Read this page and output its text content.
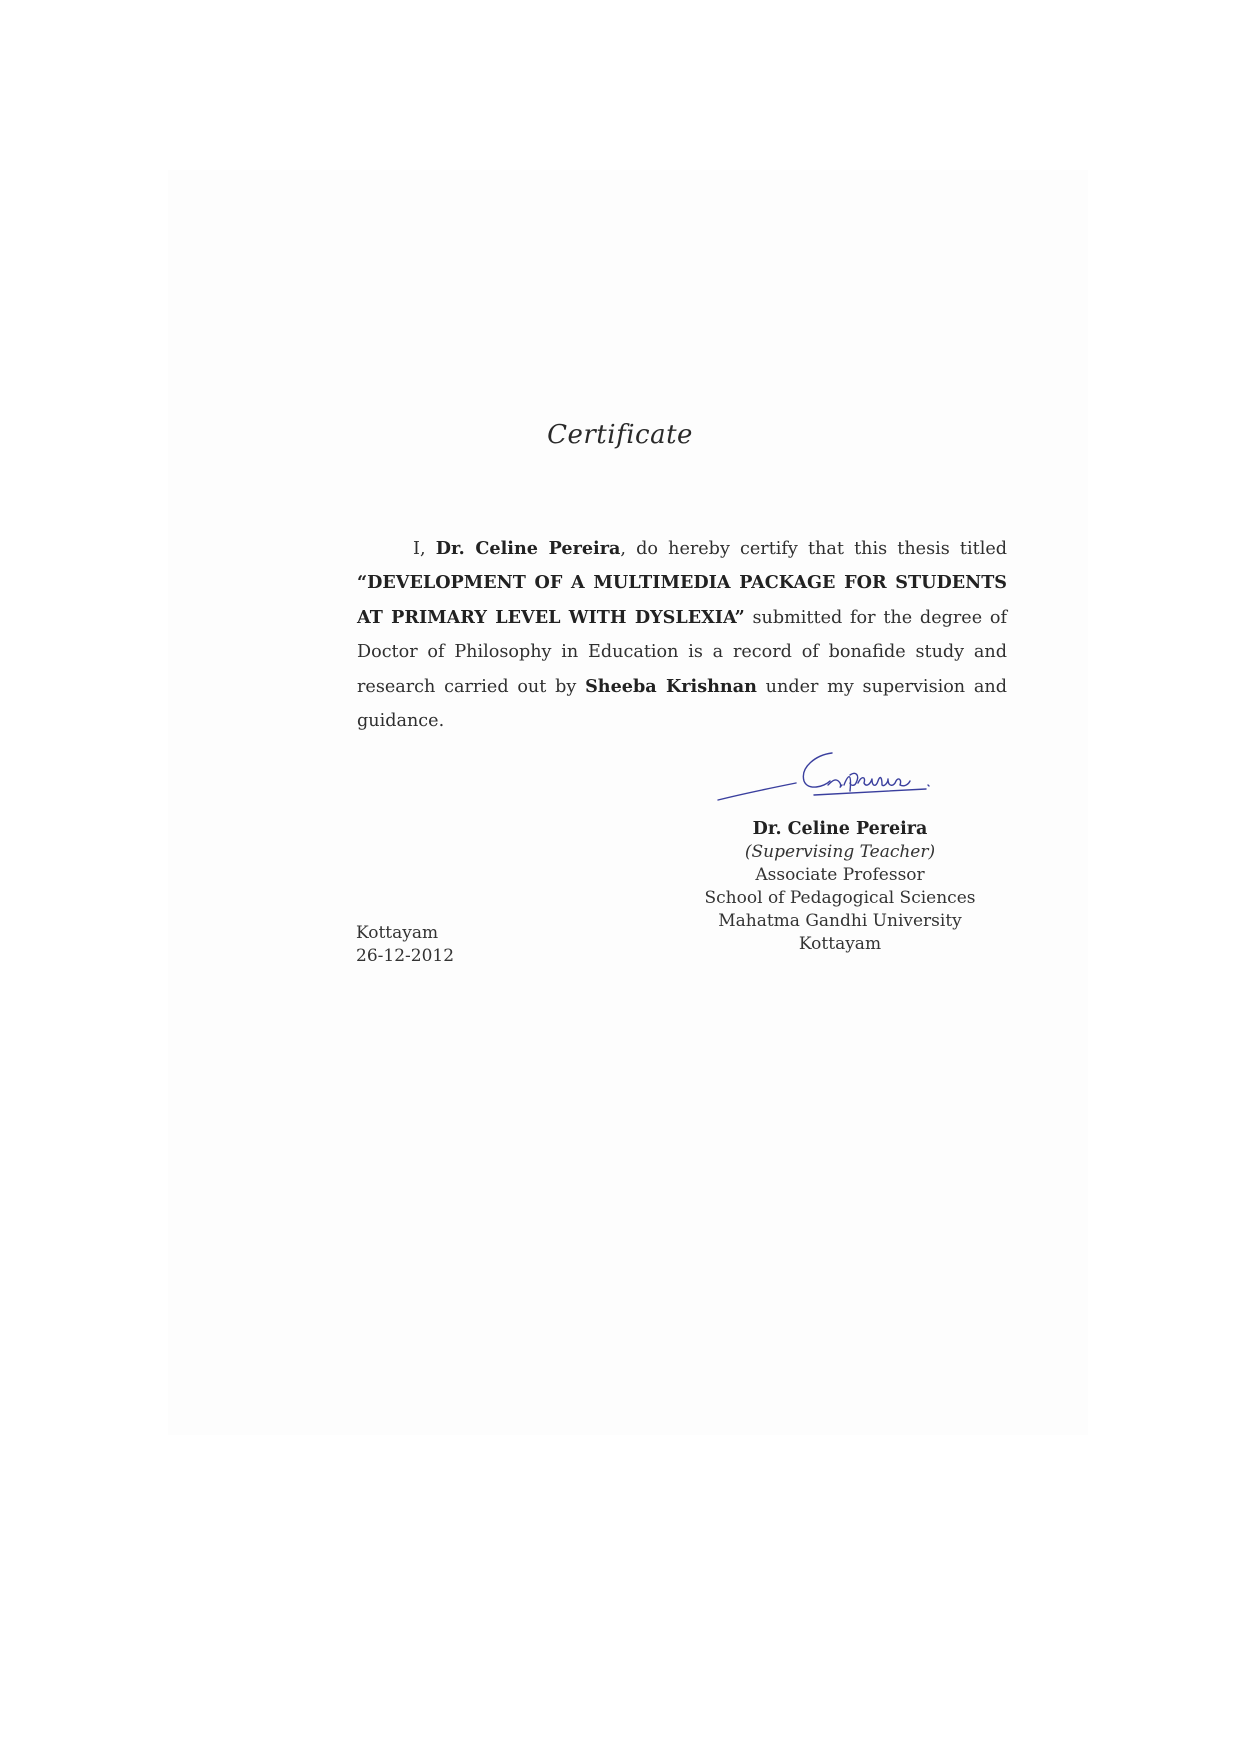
Certificate
I, Dr. Celine Pereira, do hereby certify that this thesis titled “DEVELOPMENT OF A MULTIMEDIA PACKAGE FOR STUDENTS AT PRIMARY LEVEL WITH DYSLEXIA” submitted for the degree of Doctor of Philosophy in Education is a record of bonafide study and research carried out by Sheeba Krishnan under my supervision and guidance.
Dr. Celine Pereira
(Supervising Teacher)
Associate Professor
School of Pedagogical Sciences
Mahatma Gandhi University
Kottayam
Kottayam
26-12-2012
